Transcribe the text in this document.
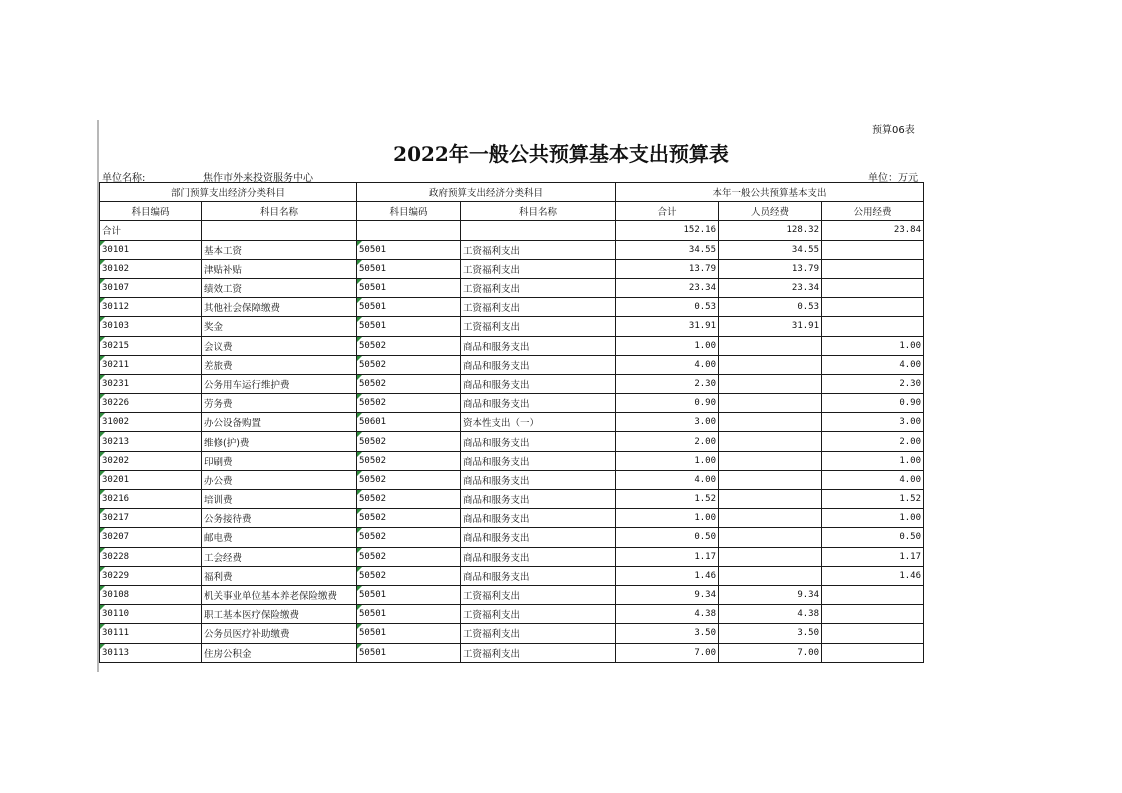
预算06表
2022年一般公共预算基本支出预算表
单位名称:	焦作市外来投资服务中心	单位：万元
部门预算支出经济分类科目		政府预算支出经济分类科目		本年一般公共预算基本支出		
科目编码	科目名称	科目编码	科目名称	合计	人员经费	公用经费
合计				152.16	128.32	23.84
30101	基本工资	50501	工资福利支出	34.55	34.55	
30102	津贴补贴	50501	工资福利支出	13.79	13.79	
30107	绩效工资	50501	工资福利支出	23.34	23.34	
30112	其他社会保障缴费	50501	工资福利支出	0.53	0.53	
30103	奖金	50501	工资福利支出	31.91	31.91	
30215	会议费	50502	商品和服务支出	1.00		1.00
30211	差旅费	50502	商品和服务支出	4.00		4.00
30231	公务用车运行维护费	50502	商品和服务支出	2.30		2.30
30226	劳务费	50502	商品和服务支出	0.90		0.90
31002	办公设备购置	50601	资本性支出（一）	3.00		3.00
30213	维修(护)费	50502	商品和服务支出	2.00		2.00
30202	印刷费	50502	商品和服务支出	1.00		1.00
30201	办公费	50502	商品和服务支出	4.00		4.00
30216	培训费	50502	商品和服务支出	1.52		1.52
30217	公务接待费	50502	商品和服务支出	1.00		1.00
30207	邮电费	50502	商品和服务支出	0.50		0.50
30228	工会经费	50502	商品和服务支出	1.17		1.17
30229	福利费	50502	商品和服务支出	1.46		1.46
30108	机关事业单位基本养老保险缴费	50501	工资福利支出	9.34	9.34	
30110	职工基本医疗保险缴费	50501	工资福利支出	4.38	4.38	
30111	公务员医疗补助缴费	50501	工资福利支出	3.50	3.50	
30113	住房公积金	50501	工资福利支出	7.00	7.00	
